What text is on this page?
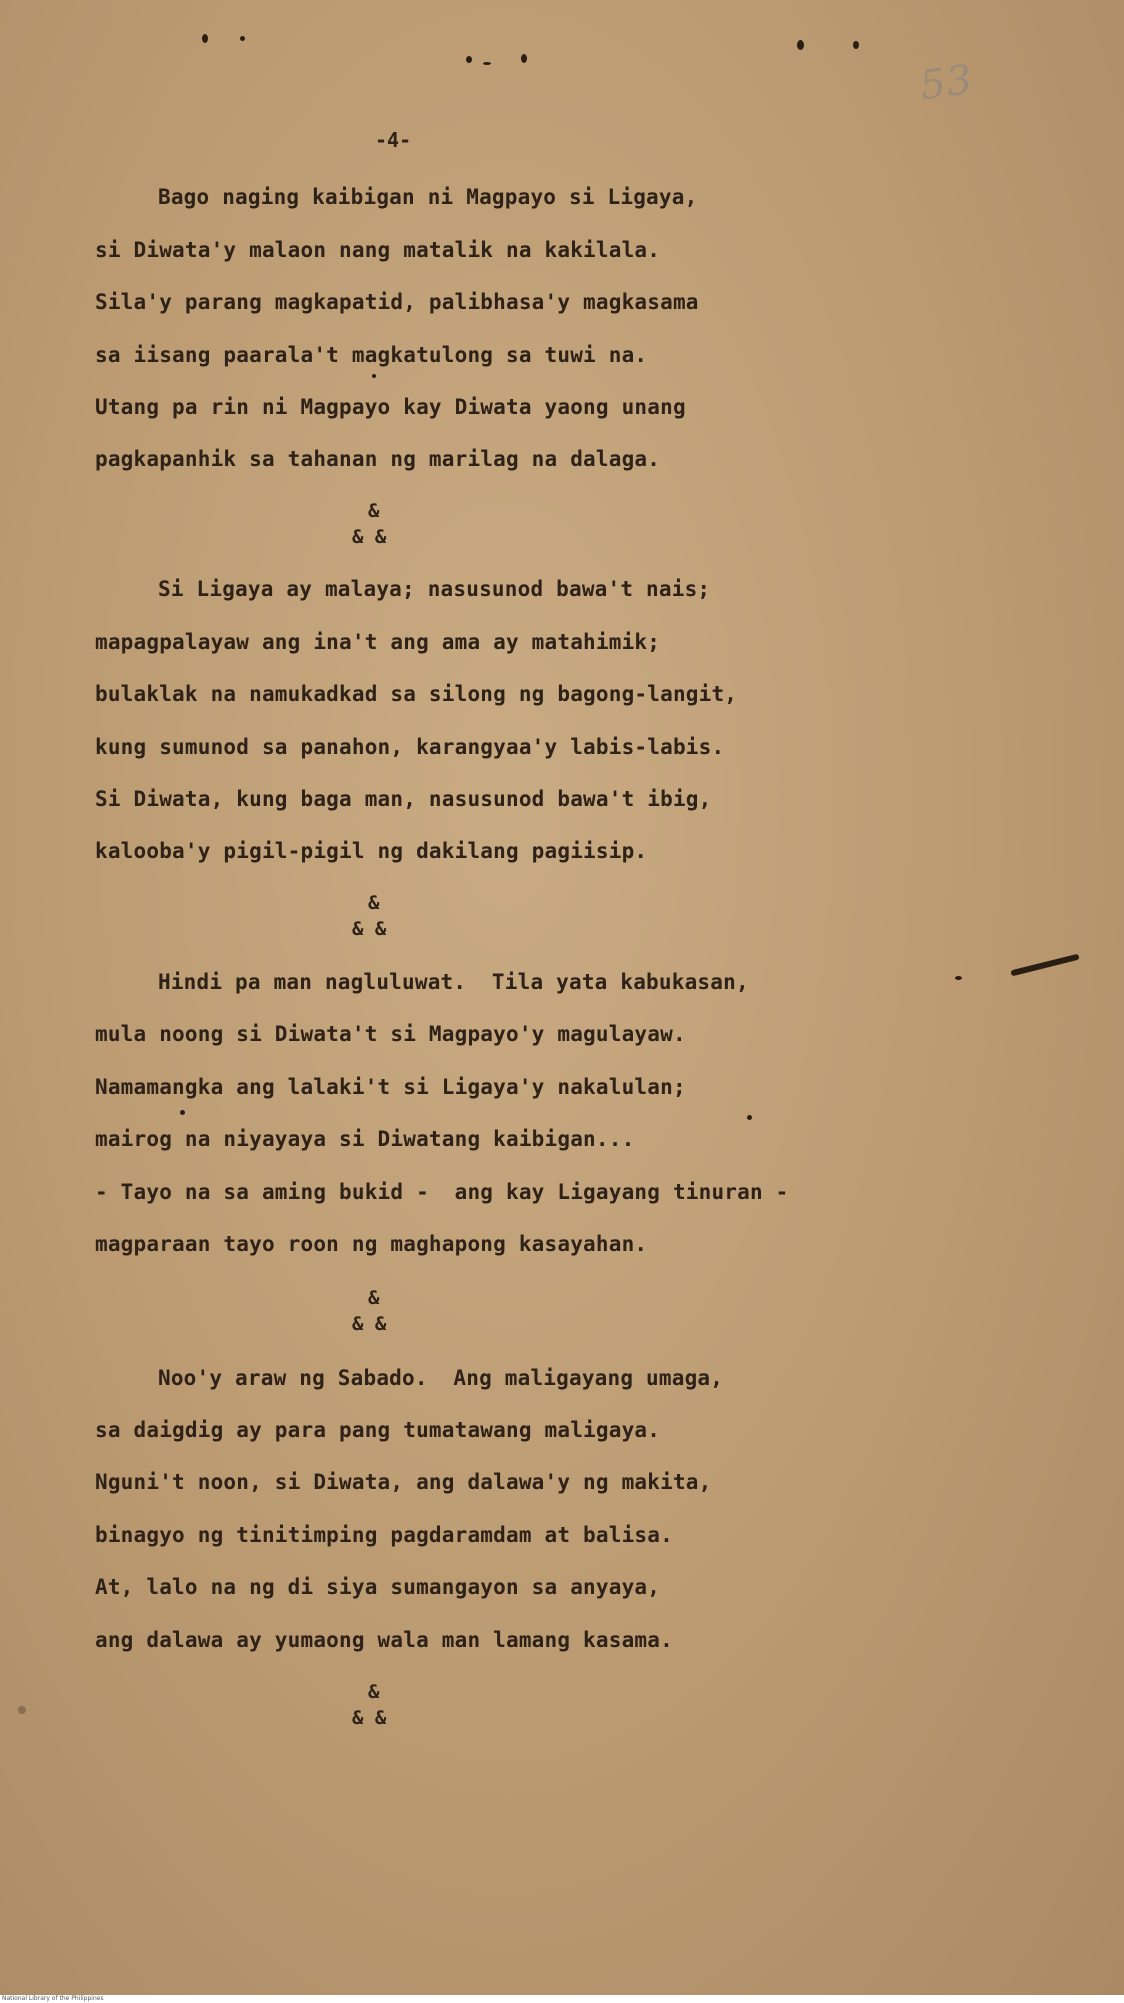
53
-4-
Bago naging kaibigan ni Magpayo si Ligaya,
si Diwata'y malaon nang matalik na kakilala.
Sila'y parang magkapatid, palibhasa'y magkasama
sa iisang paarala't magkatulong sa tuwi na.
Utang pa rin ni Magpayo kay Diwata yaong unang
pagkapanhik sa tahanan ng marilag na dalaga.
&
& &
Si Ligaya ay malaya; nasusunod bawa't nais;
mapagpalayaw ang ina't ang ama ay matahimik;
bulaklak na namukadkad sa silong ng bagong-langit,
kung sumunod sa panahon, karangyaa'y labis-labis.
Si Diwata, kung baga man, nasusunod bawa't ibig,
kalooba'y pigil-pigil ng dakilang pagiisip.
&
& &
Hindi pa man nagluluwat.  Tila yata kabukasan,
mula noong si Diwata't si Magpayo'y magulayaw.
Namamangka ang lalaki't si Ligaya'y nakalulan;
mairog na niyayaya si Diwatang kaibigan...
- Tayo na sa aming bukid -  ang kay Ligayang tinuran -
magparaan tayo roon ng maghapong kasayahan.
&
& &
Noo'y araw ng Sabado.  Ang maligayang umaga,
sa daigdig ay para pang tumatawang maligaya.
Nguni't noon, si Diwata, ang dalawa'y ng makita,
binagyo ng tinitimping pagdaramdam at balisa.
At, lalo na ng di siya sumangayon sa anyaya,
ang dalawa ay yumaong wala man lamang kasama.
&
& &
National Library of the Philippines
